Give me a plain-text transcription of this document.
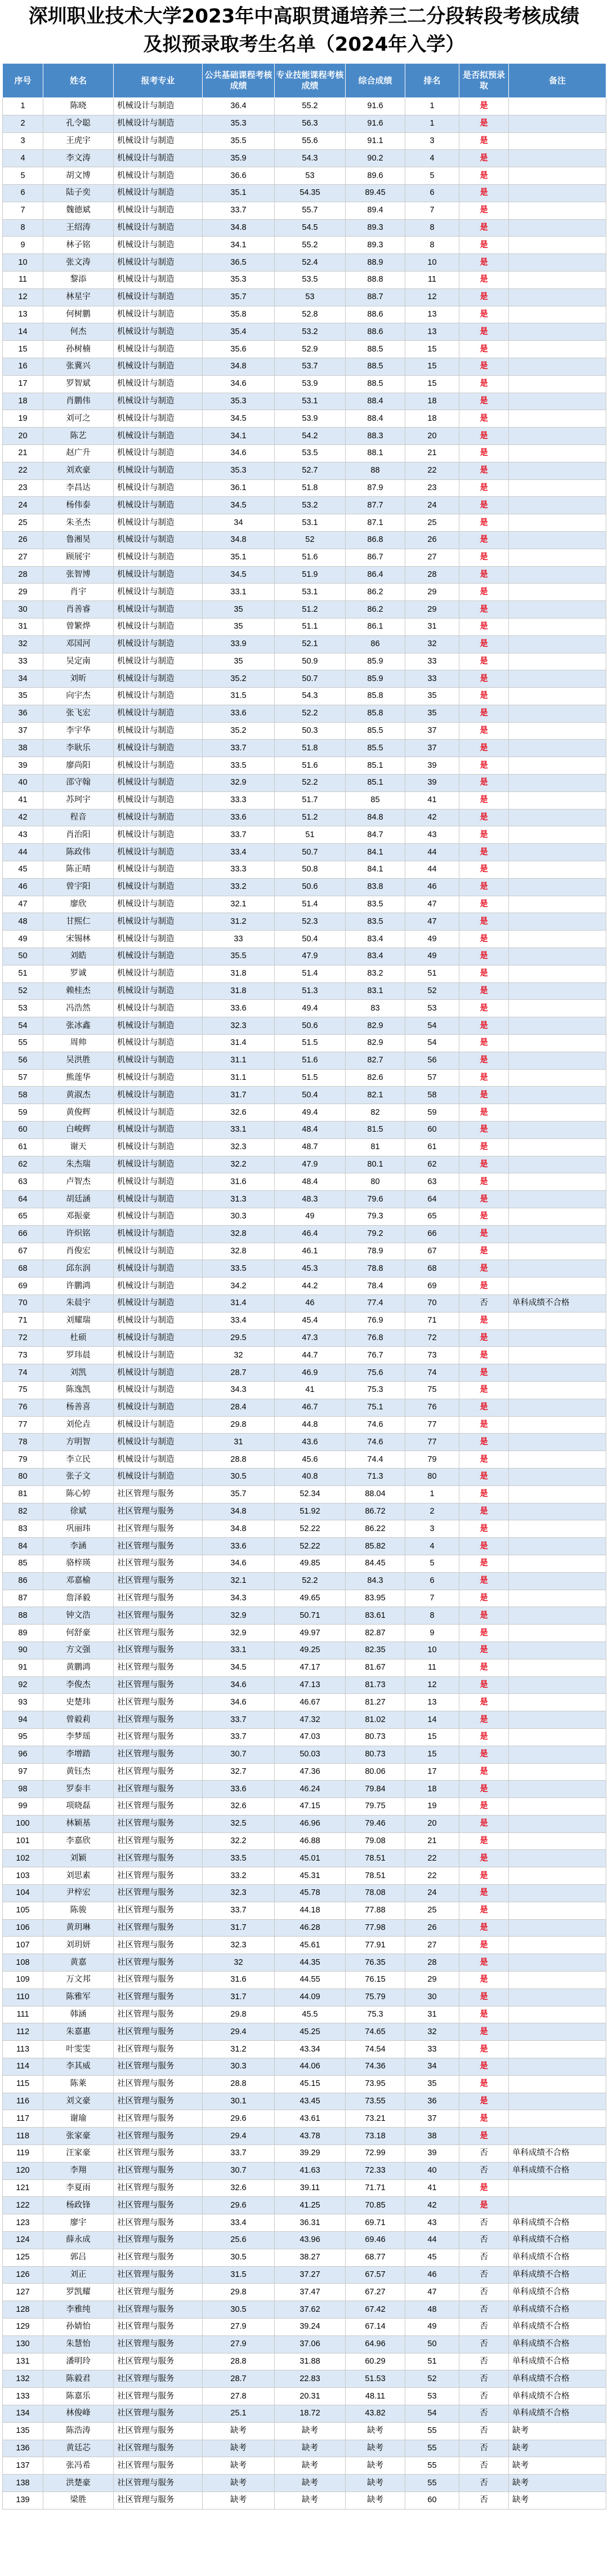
深圳职业技术大学2023年中高职贯通培养三二分段转段考核成绩
及拟预录取考生名单（2024年入学）
序号	姓名	报考专业	公共基础课程考核成绩	专业技能课程考核成绩	综合成绩	排名	是否拟预录取	备注
1	陈晓	机械设计与制造	36.4	55.2	91.6	1	是	
2	孔令聪	机械设计与制造	35.3	56.3	91.6	1	是	
3	王虎宇	机械设计与制造	35.5	55.6	91.1	3	是	
4	李文涛	机械设计与制造	35.9	54.3	90.2	4	是	
5	胡文博	机械设计与制造	36.6	53	89.6	5	是	
6	陆子奕	机械设计与制造	35.1	54.35	89.45	6	是	
7	魏德斌	机械设计与制造	33.7	55.7	89.4	7	是	
8	王绍涛	机械设计与制造	34.8	54.5	89.3	8	是	
9	林子铭	机械设计与制造	34.1	55.2	89.3	8	是	
10	张文涛	机械设计与制造	36.5	52.4	88.9	10	是	
11	黎添	机械设计与制造	35.3	53.5	88.8	11	是	
12	林星宇	机械设计与制造	35.7	53	88.7	12	是	
13	何树鹏	机械设计与制造	35.8	52.8	88.6	13	是	
14	何杰	机械设计与制造	35.4	53.2	88.6	13	是	
15	孙树楠	机械设计与制造	35.6	52.9	88.5	15	是	
16	张冀兴	机械设计与制造	34.8	53.7	88.5	15	是	
17	罗智斌	机械设计与制造	34.6	53.9	88.5	15	是	
18	肖鹏伟	机械设计与制造	35.3	53.1	88.4	18	是	
19	刘可之	机械设计与制造	34.5	53.9	88.4	18	是	
20	陈艺	机械设计与制造	34.1	54.2	88.3	20	是	
21	赵广升	机械设计与制造	34.6	53.5	88.1	21	是	
22	刘欢豪	机械设计与制造	35.3	52.7	88	22	是	
23	李昌达	机械设计与制造	36.1	51.8	87.9	23	是	
24	杨伟泰	机械设计与制造	34.5	53.2	87.7	24	是	
25	朱圣杰	机械设计与制造	34	53.1	87.1	25	是	
26	鲁湘昊	机械设计与制造	34.8	52	86.8	26	是	
27	顾展宇	机械设计与制造	35.1	51.6	86.7	27	是	
28	张智博	机械设计与制造	34.5	51.9	86.4	28	是	
29	肖宇	机械设计与制造	33.1	53.1	86.2	29	是	
30	肖善睿	机械设计与制造	35	51.2	86.2	29	是	
31	曾繁烨	机械设计与制造	35	51.1	86.1	31	是	
32	邓国河	机械设计与制造	33.9	52.1	86	32	是	
33	吴定南	机械设计与制造	35	50.9	85.9	33	是	
34	刘昕	机械设计与制造	35.2	50.7	85.9	33	是	
35	向宇杰	机械设计与制造	31.5	54.3	85.8	35	是	
36	张飞宏	机械设计与制造	33.6	52.2	85.8	35	是	
37	李宇华	机械设计与制造	35.2	50.3	85.5	37	是	
38	李耿乐	机械设计与制造	33.7	51.8	85.5	37	是	
39	廖尚阳	机械设计与制造	33.5	51.6	85.1	39	是	
40	邵守翰	机械设计与制造	32.9	52.2	85.1	39	是	
41	苏珂宇	机械设计与制造	33.3	51.7	85	41	是	
42	程音	机械设计与制造	33.6	51.2	84.8	42	是	
43	肖治阳	机械设计与制造	33.7	51	84.7	43	是	
44	陈政伟	机械设计与制造	33.4	50.7	84.1	44	是	
45	陈正晴	机械设计与制造	33.3	50.8	84.1	44	是	
46	曾宇阳	机械设计与制造	33.2	50.6	83.8	46	是	
47	廖欣	机械设计与制造	32.1	51.4	83.5	47	是	
48	甘熙仁	机械设计与制造	31.2	52.3	83.5	47	是	
49	宋锡林	机械设计与制造	33	50.4	83.4	49	是	
50	刘皓	机械设计与制造	35.5	47.9	83.4	49	是	
51	罗诚	机械设计与制造	31.8	51.4	83.2	51	是	
52	赖桂杰	机械设计与制造	31.8	51.3	83.1	52	是	
53	冯浩然	机械设计与制造	33.6	49.4	83	53	是	
54	张冰鑫	机械设计与制造	32.3	50.6	82.9	54	是	
55	周帅	机械设计与制造	31.4	51.5	82.9	54	是	
56	吴洪胜	机械设计与制造	31.1	51.6	82.7	56	是	
57	熊莲华	机械设计与制造	31.1	51.5	82.6	57	是	
58	黄淑杰	机械设计与制造	31.7	50.4	82.1	58	是	
59	黄俊辉	机械设计与制造	32.6	49.4	82	59	是	
60	白峻辉	机械设计与制造	33.1	48.4	81.5	60	是	
61	谢天	机械设计与制造	32.3	48.7	81	61	是	
62	朱杰瑞	机械设计与制造	32.2	47.9	80.1	62	是	
63	卢智杰	机械设计与制造	31.6	48.4	80	63	是	
64	胡廷涵	机械设计与制造	31.3	48.3	79.6	64	是	
65	邓振豪	机械设计与制造	30.3	49	79.3	65	是	
66	许炽铭	机械设计与制造	32.8	46.4	79.2	66	是	
67	肖俊宏	机械设计与制造	32.8	46.1	78.9	67	是	
68	邱东润	机械设计与制造	33.5	45.3	78.8	68	是	
69	许鹏鸿	机械设计与制造	34.2	44.2	78.4	69	是	
70	朱晨宇	机械设计与制造	31.4	46	77.4	70	否	单科成绩不合格
71	刘耀瑞	机械设计与制造	33.4	45.4	76.9	71	是	
72	杜硕	机械设计与制造	29.5	47.3	76.8	72	是	
73	罗玮晨	机械设计与制造	32	44.7	76.7	73	是	
74	刘凯	机械设计与制造	28.7	46.9	75.6	74	是	
75	陈逸凯	机械设计与制造	34.3	41	75.3	75	是	
76	杨善喜	机械设计与制造	28.4	46.7	75.1	76	是	
77	刘伦垚	机械设计与制造	29.8	44.8	74.6	77	是	
78	方明智	机械设计与制造	31	43.6	74.6	77	是	
79	李立民	机械设计与制造	28.8	45.6	74.4	79	是	
80	张子文	机械设计与制造	30.5	40.8	71.3	80	是	
81	陈心婷	社区管理与服务	35.7	52.34	88.04	1	是	
82	徐斌	社区管理与服务	34.8	51.92	86.72	2	是	
83	巩丽玮	社区管理与服务	34.8	52.22	86.22	3	是	
84	李涵	社区管理与服务	33.6	52.22	85.82	4	是	
85	骆梓瑛	社区管理与服务	34.6	49.85	84.45	5	是	
86	邓嘉榆	社区管理与服务	32.1	52.2	84.3	6	是	
87	詹泽毅	社区管理与服务	34.3	49.65	83.95	7	是	
88	钟文浩	社区管理与服务	32.9	50.71	83.61	8	是	
89	何舒豪	社区管理与服务	32.9	49.97	82.87	9	是	
90	方文强	社区管理与服务	33.1	49.25	82.35	10	是	
91	黄鹏鸿	社区管理与服务	34.5	47.17	81.67	11	是	
92	李俊杰	社区管理与服务	34.6	47.13	81.73	12	是	
93	史楚玮	社区管理与服务	34.6	46.67	81.27	13	是	
94	曾毅莉	社区管理与服务	33.7	47.32	81.02	14	是	
95	李梦瑶	社区管理与服务	33.7	47.03	80.73	15	是	
96	李增踏	社区管理与服务	30.7	50.03	80.73	15	是	
97	黄钰杰	社区管理与服务	32.7	47.36	80.06	17	是	
98	罗泰丰	社区管理与服务	33.6	46.24	79.84	18	是	
99	项晓磊	社区管理与服务	32.6	47.15	79.75	19	是	
100	林颖基	社区管理与服务	32.5	46.96	79.46	20	是	
101	李嘉欣	社区管理与服务	32.2	46.88	79.08	21	是	
102	刘颖	社区管理与服务	33.5	45.01	78.51	22	是	
103	刘思素	社区管理与服务	33.2	45.31	78.51	22	是	
104	尹梓宏	社区管理与服务	32.3	45.78	78.08	24	是	
105	陈骏	社区管理与服务	33.7	44.18	77.88	25	是	
106	黄玥琳	社区管理与服务	31.7	46.28	77.98	26	是	
107	刘玥妍	社区管理与服务	32.3	45.61	77.91	27	是	
108	黄嘉	社区管理与服务	32	44.35	76.35	28	是	
109	万文邦	社区管理与服务	31.6	44.55	76.15	29	是	
110	陈雅军	社区管理与服务	31.7	44.09	75.79	30	是	
111	韩涵	社区管理与服务	29.8	45.5	75.3	31	是	
112	朱嘉惠	社区管理与服务	29.4	45.25	74.65	32	是	
113	叶雯雯	社区管理与服务	31.2	43.34	74.54	33	是	
114	李其威	社区管理与服务	30.3	44.06	74.36	34	是	
115	陈莱	社区管理与服务	28.8	45.15	73.95	35	是	
116	刘文豪	社区管理与服务	30.1	43.45	73.55	36	是	
117	谢瑜	社区管理与服务	29.6	43.61	73.21	37	是	
118	张家豪	社区管理与服务	29.4	43.78	73.18	38	是	
119	汪家豪	社区管理与服务	33.7	39.29	72.99	39	否	单科成绩不合格
120	李翔	社区管理与服务	30.7	41.63	72.33	40	否	单科成绩不合格
121	李夏雨	社区管理与服务	32.6	39.11	71.71	41	是	
122	杨政锋	社区管理与服务	29.6	41.25	70.85	42	是	
123	廖宇	社区管理与服务	33.4	36.31	69.71	43	否	单科成绩不合格
124	薛永成	社区管理与服务	25.6	43.96	69.46	44	否	单科成绩不合格
125	郭吕	社区管理与服务	30.5	38.27	68.77	45	否	单科成绩不合格
126	刘正	社区管理与服务	31.5	37.27	67.57	46	否	单科成绩不合格
127	罗凯耀	社区管理与服务	29.8	37.47	67.27	47	否	单科成绩不合格
128	李雅纯	社区管理与服务	30.5	37.62	67.42	48	否	单科成绩不合格
129	孙婧怡	社区管理与服务	27.9	39.24	67.14	49	否	单科成绩不合格
130	朱慧怡	社区管理与服务	27.9	37.06	64.96	50	否	单科成绩不合格
131	潘明玲	社区管理与服务	28.8	31.88	60.29	51	否	单科成绩不合格
132	陈毅君	社区管理与服务	28.7	22.83	51.53	52	否	单科成绩不合格
133	陈嘉乐	社区管理与服务	27.8	20.31	48.11	53	否	单科成绩不合格
134	林俊峰	社区管理与服务	25.1	18.72	43.82	54	否	单科成绩不合格
135	陈浩涛	社区管理与服务	缺考	缺考	缺考	55	否	缺考
136	黄廷芯	社区管理与服务	缺考	缺考	缺考	55	否	缺考
137	张冯希	社区管理与服务	缺考	缺考	缺考	55	否	缺考
138	洪楚豪	社区管理与服务	缺考	缺考	缺考	55	否	缺考
139	梁胜	社区管理与服务	缺考	缺考	缺考	60	否	缺考
